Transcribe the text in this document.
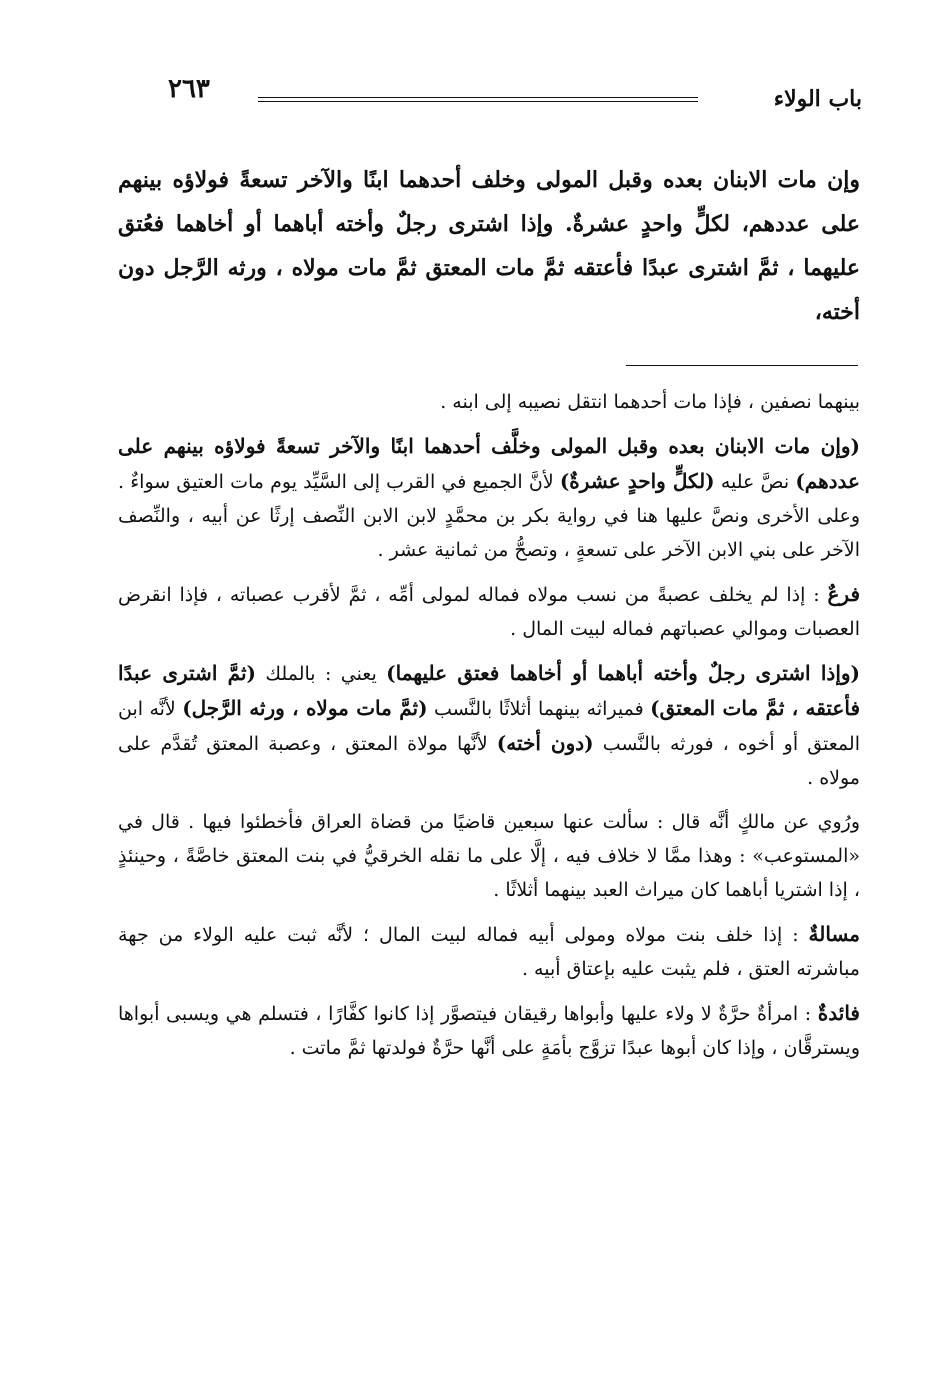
باب الولاء
٢٦٣

وإن مات الابنان بعده وقبل المولى وخلف أحدهما ابنًا والآخر تسعةً فولاؤه بينهم على عددهم، لكلٍّ واحدٍ عشرةٌ. وإذا اشترى رجلٌ وأخته أباهما أو أخاهما فعُتق عليهما ، ثمَّ اشترى عبدًا فأعتقه ثمَّ مات المعتق ثمَّ مات مولاه ، ورثه الرَّجل دون أخته،

بينهما نصفين ، فإذا مات أحدهما انتقل نصيبه إلى ابنه .

(وإن مات الابنان بعده وقبل المولى وخلَّف أحدهما ابنًا والآخر تسعةً فولاؤه بينهم على عددهم) نصَّ عليه (لكلٍّ واحدٍ عشرةٌ) لأنَّ الجميع في القرب إلى السَّيِّد يوم مات العتيق سواءٌ . وعلى الأخرى ونصَّ عليها هنا في رواية بكر بن محمَّدٍ لابن الابن النِّصف إرثًا عن أبيه ، والنِّصف الآخر على بني الابن الآخر على تسعةٍ ، وتصحُّ من ثمانية عشر .

فرعٌ : إذا لم يخلف عصبةً من نسب مولاه فماله لمولى أمِّه ، ثمَّ لأقرب عصباته ، فإذا انقرض العصبات وموالي عصباتهم فماله لبيت المال .

(وإذا اشترى رجلٌ وأخته أباهما أو أخاهما فعتق عليهما) يعني : بالملك (ثمَّ اشترى عبدًا فأعتقه ، ثمَّ مات المعتق) فميراثه بينهما أثلاثًا بالنَّسب (ثمَّ مات مولاه ، ورثه الرَّجل) لأنَّه ابن المعتق أو أخوه ، فورثه بالنَّسب (دون أخته) لأنَّها مولاة المعتق ، وعصبة المعتق تُقدَّم على مولاه .

ورُوي عن مالكٍ أنَّه قال : سألت عنها سبعين قاضيًا من قضاة العراق فأخطئوا فيها . قال في «المستوعب» : وهذا ممَّا لا خلاف فيه ، إلَّا على ما نقله الخرقيُّ في بنت المعتق خاصَّةً ، وحينئذٍ ، إذا اشتريا أباهما كان ميراث العبد بينهما أثلاثًا .

مسالةٌ : إذا خلف بنت مولاه ومولى أبيه فماله لبيت المال ؛ لأنَّه ثبت عليه الولاء من جهة مباشرته العتق ، فلم يثبت عليه بإعتاق أبيه .

فائدةٌ : امرأةٌ حرَّةٌ لا ولاء عليها وأبواها رقيقان فيتصوَّر إذا كانوا كفَّارًا ، فتسلم هي ويسبى أبواها ويسترقَّان ، وإذا كان أبوها عبدًا تزوَّج بأمَةٍ على أنَّها حرَّةٌ فولدتها ثمَّ ماتت .
